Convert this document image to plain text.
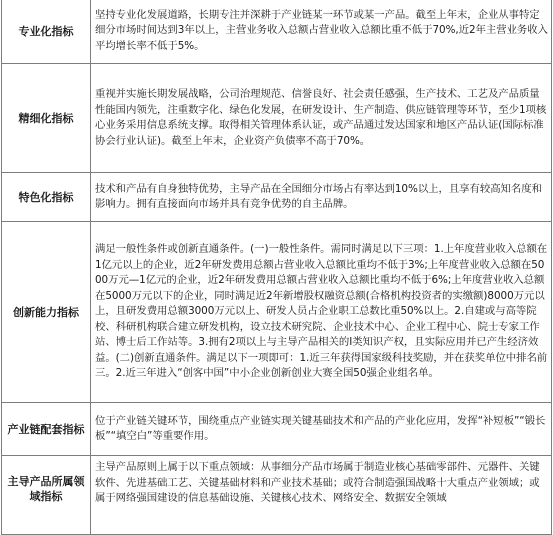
专业化指标	坚持专业化发展道路，长期专注并深耕于产业链某一环节或某一产品。截至上年末，企业从事特定细分市场时间达到3年以上，主营业务收入总额占营业收入总额比重不低于70%,近2年主营业务收入平均增长率不低于5%。
精细化指标	重视并实施长期发展战略，公司治理规范、信誉良好、社会责任感强，生产技术、工艺及产品质量性能国内领先，注重数字化、绿色化发展，在研发设计、生产制造、供应链管理等环节，至少1项核心业务采用信息系统支撑。取得相关管理体系认证，或产品通过发达国家和地区产品认证(国际标准协会行业认证)。截至上年末，企业资产负债率不高于70%。
特色化指标	技术和产品有自身独特优势，主导产品在全国细分市场占有率达到10%以上，且享有较高知名度和影响力。拥有直接面向市场并具有竞争优势的自主品牌。
创新能力指标	满足一般性条件或创新直通条件。(一)一般性条件。需同时满足以下三项：1.上年度营业收入总额在1亿元以上的企业，近2年研发费用总额占营业收入总额比重均不低于3%;上年度营业收入总额在5000万元—1亿元的企业，近2年研发费用总额占营业收入总额比重均不低于6%;上年度营业收入总额在5000万元以下的企业，同时满足近2年新增股权融资总额(合格机构投资者的实缴额)8000万元以上，且研发费用总额3000万元以上、研发人员占企业职工总数比重50%以上。2.自建或与高等院校、科研机构联合建立研发机构，设立技术研究院、企业技术中心、企业工程中心、院士专家工作站、博士后工作站等。3.拥有2项以上与主导产品相关的Ⅰ类知识产权，且实际应用并已产生经济效益。(二)创新直通条件。满足以下一项即可：1.近三年获得国家级科技奖励，并在获奖单位中排名前三。2.近三年进入“创客中国”中小企业创新创业大赛全国50强企业组名单。
产业链配套指标	位于产业链关键环节，围绕重点产业链实现关键基础技术和产品的产业化应用，发挥“补短板”“锻长板”“填空白”等重要作用。
主导产品所属领域指标	主导产品原则上属于以下重点领域：从事细分产品市场属于制造业核心基础零部件、元器件、关键软件、先进基础工艺、关键基础材料和产业技术基础；或符合制造强国战略十大重点产业领域；或属于网络强国建设的信息基础设施、关键核心技术、网络安全、数据安全领域
